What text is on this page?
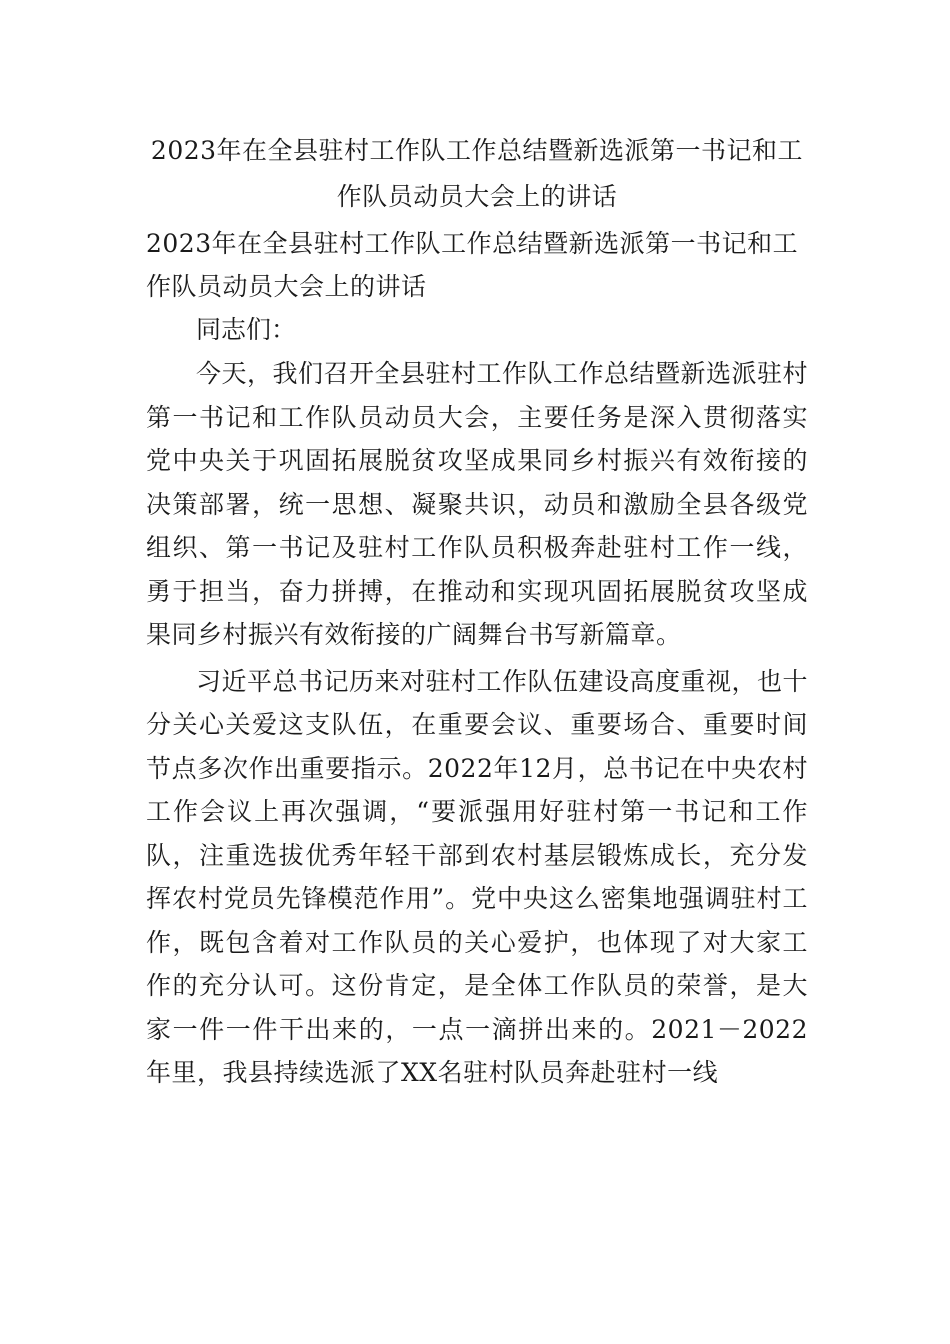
2023年在全县驻村工作队工作总结暨新选派第一书记和工作队员动员大会上的讲话

2023年在全县驻村工作队工作总结暨新选派第一书记和工作队员动员大会上的讲话

同志们：

今天，我们召开全县驻村工作队工作总结暨新选派驻村第一书记和工作队员动员大会，主要任务是深入贯彻落实党中央关于巩固拓展脱贫攻坚成果同乡村振兴有效衔接的决策部署，统一思想、凝聚共识，动员和激励全县各级党组织、第一书记及驻村工作队员积极奔赴驻村工作一线，勇于担当，奋力拼搏，在推动和实现巩固拓展脱贫攻坚成果同乡村振兴有效衔接的广阔舞台书写新篇章。

习近平总书记历来对驻村工作队伍建设高度重视，也十分关心关爱这支队伍，在重要会议、重要场合、重要时间节点多次作出重要指示。2022年12月，总书记在中央农村工作会议上再次强调，“要派强用好驻村第一书记和工作队，注重选拔优秀年轻干部到农村基层锻炼成长，充分发挥农村党员先锋模范作用”。党中央这么密集地强调驻村工作，既包含着对工作队员的关心爱护，也体现了对大家工作的充分认可。这份肯定，是全体工作队员的荣誉，是大家一件一件干出来的，一点一滴拼出来的。2021－2022年里，我县持续选派了XX名驻村队员奔赴驻村一线
